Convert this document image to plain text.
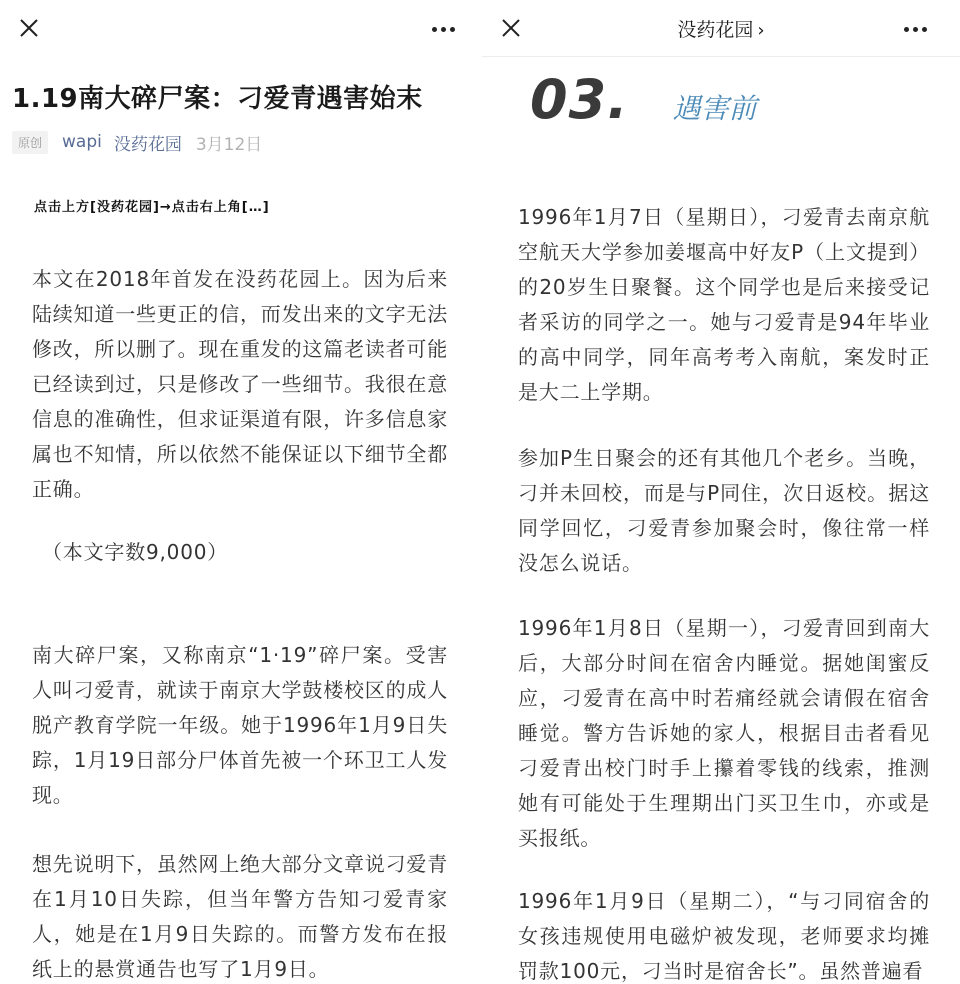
1.19南大碎尸案：刁爱青遇害始末
原创	wapi 没药花园 3月12日
点击上方[没药花园]→点击右上角[…]

本文在2018年首发在没药花园上。因为后来陆续知道一些更正的信，而发出来的文字无法修改，所以删了。现在重发的这篇老读者可能已经读到过，只是修改了一些细节。我很在意信息的准确性，但求证渠道有限，许多信息家属也不知情，所以依然不能保证以下细节全都正确。

（本文字数9,000）

南大碎尸案，又称南京“1·19”碎尸案。受害人叫刁爱青，就读于南京大学鼓楼校区的成人脱产教育学院一年级。她于1996年1月9日失踪，1月19日部分尸体首先被一个环卫工人发现。

想先说明下，虽然网上绝大部分文章说刁爱青在1月10日失踪，但当年警方告知刁爱青家人，她是在1月9日失踪的。而警方发布在报纸上的悬赏通告也写了1月9日。

没药花园 ›
03. 遇害前

1996年1月7日（星期日），刁爱青去南京航空航天大学参加姜堰高中好友P（上文提到）的20岁生日聚餐。这个同学也是后来接受记者采访的同学之一。她与刁爱青是94年毕业的高中同学，同年高考考入南航，案发时正是大二上学期。

参加P生日聚会的还有其他几个老乡。当晚，刁并未回校，而是与P同住，次日返校。据这同学回忆，刁爱青参加聚会时，像往常一样没怎么说话。

1996年1月8日（星期一），刁爱青回到南大后，大部分时间在宿舍内睡觉。据她闺蜜反应，刁爱青在高中时若痛经就会请假在宿舍睡觉。警方告诉她的家人，根据目击者看见刁爱青出校门时手上攥着零钱的线索，推测她有可能处于生理期出门买卫生巾，亦或是买报纸。

1996年1月9日（星期二），“与刁同宿舍的女孩违规使用电磁炉被发现，老师要求均摊罚款100元，刁当时是宿舍长”。虽然普遍看
